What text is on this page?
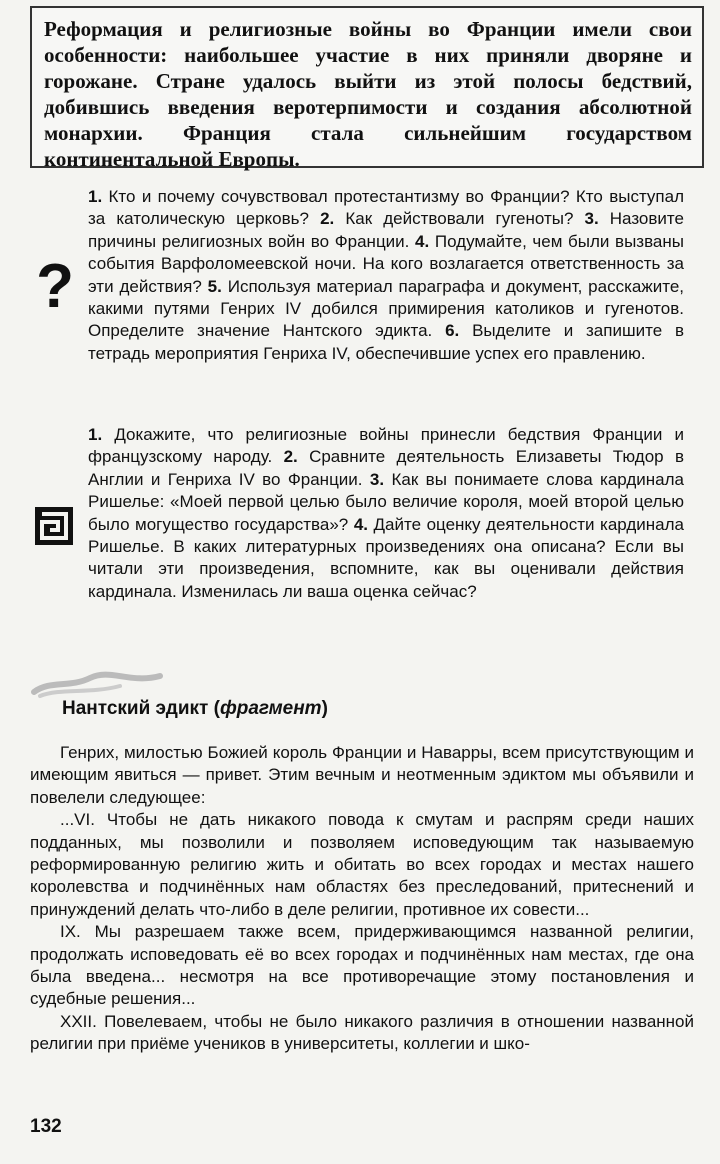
Реформация и религиозные войны во Франции имели свои особенности: наибольшее участие в них приняли дворяне и горожане. Стране удалось выйти из этой полосы бедствий, добившись введения веротерпимости и создания абсолютной монархии. Франция стала сильнейшим государством континентальной Европы.

?

1. Кто и почему сочувствовал протестантизму во Франции? Кто выступал за католическую церковь? 2. Как действовали гугеноты? 3. Назовите причины религиозных войн во Франции. 4. Подумайте, чем были вызваны события Варфоломеевской ночи. На кого возлагается ответственность за эти действия? 5. Используя материал параграфа и документ, расскажите, какими путями Генрих IV добился примирения католиков и гугенотов. Определите значение Нантского эдикта. 6. Выделите и запишите в тетрадь мероприятия Генриха IV, обеспечившие успех его правлению.

1. Докажите, что религиозные войны принесли бедствия Франции и французскому народу. 2. Сравните деятельность Елизаветы Тюдор в Англии и Генриха IV во Франции. 3. Как вы понимаете слова кардинала Ришелье: «Моей первой целью было величие короля, моей второй целью было могущество государства»? 4. Дайте оценку деятельности кардинала Ришелье. В каких литературных произведениях она описана? Если вы читали эти произведения, вспомните, как вы оценивали действия кардинала. Изменилась ли ваша оценка сейчас?

Нантский эдикт (фрагмент)

Генрих, милостью Божией король Франции и Наварры, всем присутствующим и имеющим явиться — привет. Этим вечным и неотменным эдиктом мы объявили и повелели следующее:

...VI. Чтобы не дать никакого повода к смутам и распрям среди наших подданных, мы позволили и позволяем исповедующим так называемую реформированную религию жить и обитать во всех городах и местах нашего королевства и подчинённых нам областях без преследований, притеснений и принуждений делать что-либо в деле религии, противное их совести...

IX. Мы разрешаем также всем, придерживающимся названной религии, продолжать исповедовать её во всех городах и подчинённых нам местах, где она была введена... несмотря на все противоречащие этому постановления и судебные решения...

XXII. Повелеваем, чтобы не было никакого различия в отношении названной религии при приёме учеников в университеты, коллегии и шко-

132
